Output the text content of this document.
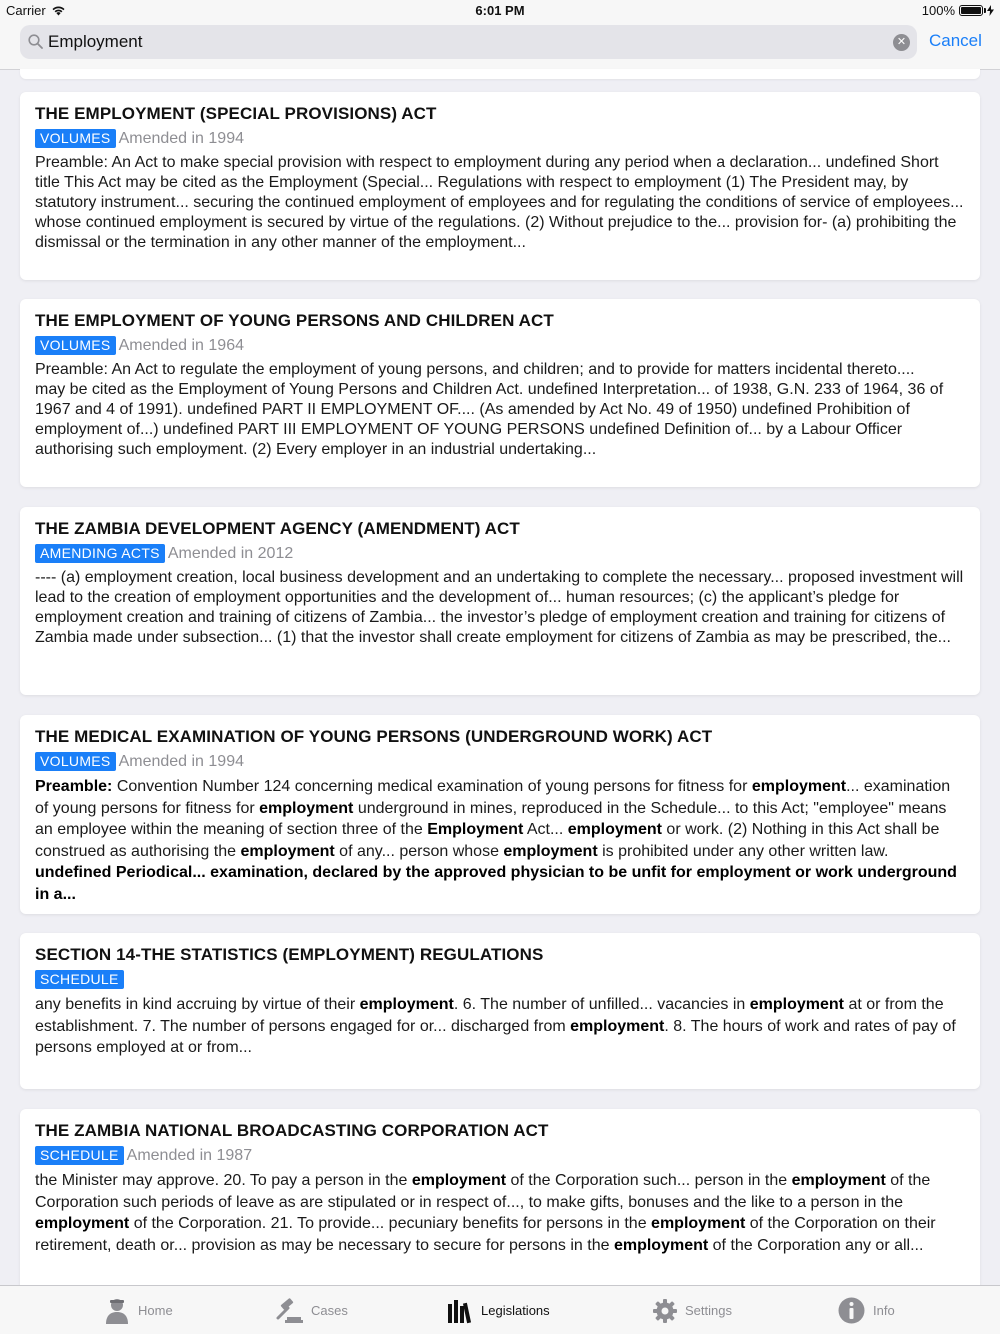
Carrier	6:01 PM	100%
Employment
✕ Cancel
THE EMPLOYMENT (SPECIAL PROVISIONS) ACT
VOLUMES Amended in 1994
Preamble: An Act to make special provision with respect to employment during any period when a declaration... undefined Short title This Act may be cited as the Employment (Special... Regulations with respect to employment (1) The President may, by statutory instrument... securing the continued employment of employees and for regulating the conditions of service of employees... whose continued employment is secured by virtue of the regulations. (2) Without prejudice to the... provision for- (a) prohibiting the dismissal or the termination in any other manner of the employment...
THE EMPLOYMENT OF YOUNG PERSONS AND CHILDREN ACT
VOLUMES Amended in 1964
Preamble: An Act to regulate the employment of young persons, and children; and to provide for matters incidental thereto....
may be cited as the Employment of Young Persons and Children Act. undefined Interpretation... of 1938, G.N. 233 of 1964, 36 of 1967 and 4 of 1991). undefined PART II EMPLOYMENT OF.... (As amended by Act No. 49 of 1950) undefined Prohibition of employment of...) undefined PART III EMPLOYMENT OF YOUNG PERSONS undefined Definition of... by a Labour Officer authorising such employment. (2) Every employer in an industrial undertaking...
THE ZAMBIA DEVELOPMENT AGENCY (AMENDMENT) ACT
AMENDING ACTS Amended in 2012
---- (a) employment creation, local business development and an undertaking to complete the necessary... proposed investment will lead to the creation of employment opportunities and the development of... human resources; (c) the applicant’s pledge for employment creation and training of citizens of Zambia... the investor’s pledge of employment creation and training for citizens of Zambia made under subsection... (1) that the investor shall create employment for citizens of Zambia as may be prescribed, the...
THE MEDICAL EXAMINATION OF YOUNG PERSONS (UNDERGROUND WORK) ACT
VOLUMES Amended in 1994
Preamble: Convention Number 124 concerning medical examination of young persons for fitness for employment... examination of young persons for fitness for employment underground in mines, reproduced in the Schedule... to this Act; "employee" means an employee within the meaning of section three of the Employment Act... employment or work. (2) Nothing in this Act shall be construed as authorising the employment of any... person whose employment is prohibited under any other written law. undefined Periodical... examination, declared by the approved physician to be unfit for employment or work underground in a...
SECTION 14-THE STATISTICS (EMPLOYMENT) REGULATIONS
SCHEDULE
any benefits in kind accruing by virtue of their employment. 6. The number of unfilled... vacancies in employment at or from the establishment. 7. The number of persons engaged for or... discharged from employment. 8. The hours of work and rates of pay of persons employed at or from...
THE ZAMBIA NATIONAL BROADCASTING CORPORATION ACT
SCHEDULE Amended in 1987
the Minister may approve. 20. To pay a person in the employment of the Corporation such... person in the employment of the Corporation such periods of leave as are stipulated or in respect of..., to make gifts, bonuses and the like to a person in the employment of the Corporation. 21. To provide... pecuniary benefits for persons in the employment of the Corporation on their retirement, death or... provision as may be necessary to secure for persons in the employment of the Corporation any or all...
Home	Cases	Legislations	Settings	Info
